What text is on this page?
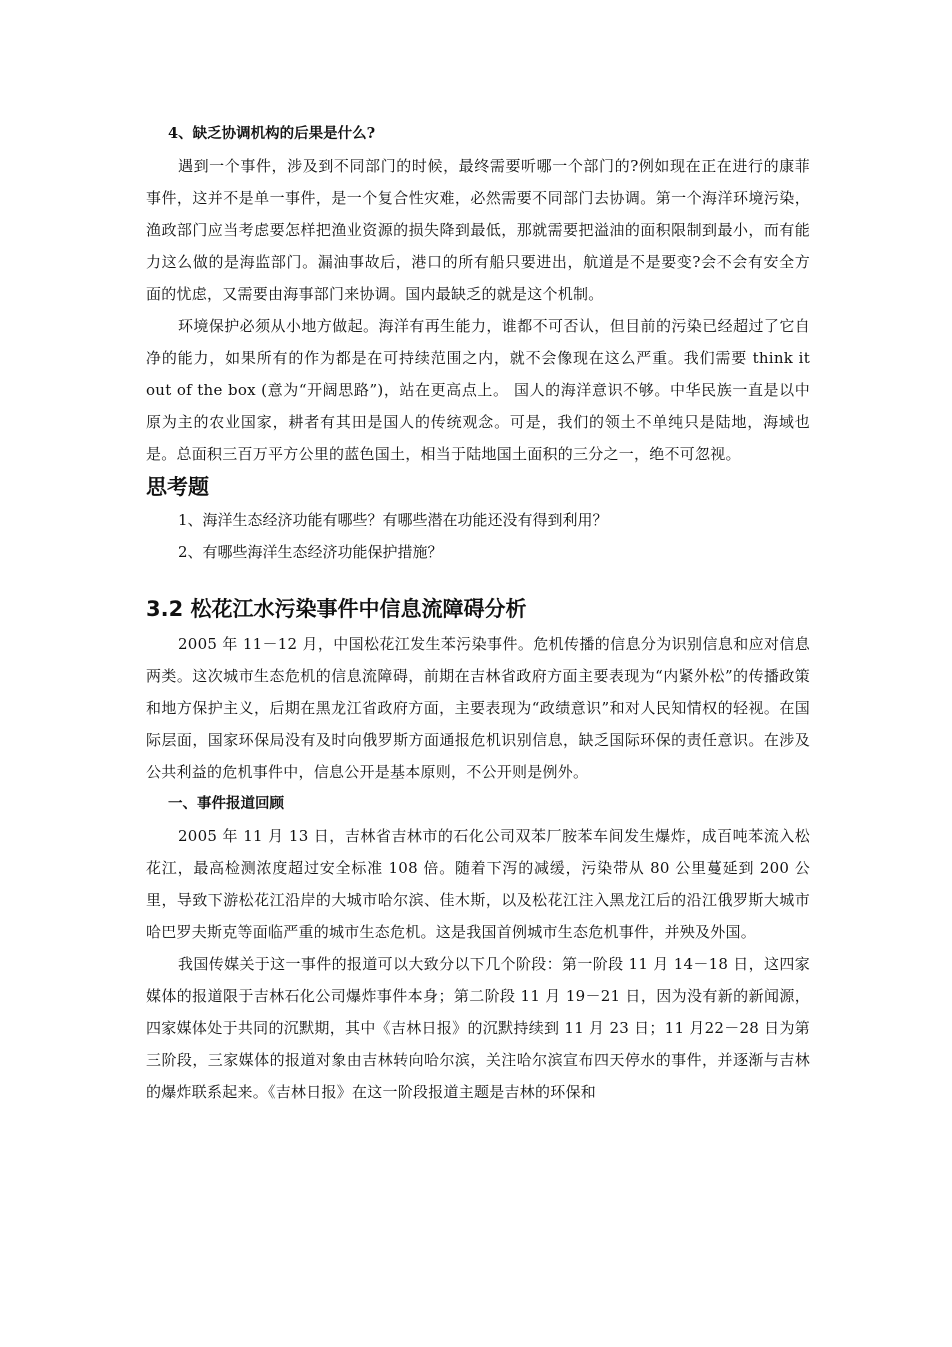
4、缺乏协调机构的后果是什么?

遇到一个事件，涉及到不同部门的时候，最终需要听哪一个部门的?例如现在正在进行的康菲事件，这并不是单一事件，是一个复合性灾难，必然需要不同部门去协调。第一个海洋环境污染，渔政部门应当考虑要怎样把渔业资源的损失降到最低，那就需要把溢油的面积限制到最小，而有能力这么做的是海监部门。漏油事故后，港口的所有船只要进出，航道是不是要变?会不会有安全方面的忧虑，又需要由海事部门来协调。国内最缺乏的就是这个机制。

环境保护必须从小地方做起。海洋有再生能力，谁都不可否认，但目前的污染已经超过了它自净的能力，如果所有的作为都是在可持续范围之内，就不会像现在这么严重。我们需要 think it out of the box (意为“开阔思路”)，站在更高点上。 国人的海洋意识不够。中华民族一直是以中原为主的农业国家，耕者有其田是国人的传统观念。可是，我们的领土不单纯只是陆地，海域也是。总面积三百万平方公里的蓝色国土，相当于陆地国土面积的三分之一，绝不可忽视。

思考题

1、海洋生态经济功能有哪些？有哪些潜在功能还没有得到利用？

2、有哪些海洋生态经济功能保护措施？

3.2 松花江水污染事件中信息流障碍分析

2005 年 11－12 月，中国松花江发生苯污染事件。危机传播的信息分为识别信息和应对信息两类。这次城市生态危机的信息流障碍，前期在吉林省政府方面主要表现为“内紧外松”的传播政策和地方保护主义，后期在黑龙江省政府方面，主要表现为“政绩意识”和对人民知情权的轻视。在国际层面，国家环保局没有及时向俄罗斯方面通报危机识别信息，缺乏国际环保的责任意识。在涉及公共利益的危机事件中，信息公开是基本原则，不公开则是例外。

一、事件报道回顾

2005 年 11 月 13 日，吉林省吉林市的石化公司双苯厂胺苯车间发生爆炸，成百吨苯流入松花江，最高检测浓度超过安全标准 108 倍。随着下泻的减缓，污染带从 80 公里蔓延到 200 公里，导致下游松花江沿岸的大城市哈尔滨、佳木斯，以及松花江注入黑龙江后的沿江俄罗斯大城市哈巴罗夫斯克等面临严重的城市生态危机。这是我国首例城市生态危机事件，并殃及外国。

我国传媒关于这一事件的报道可以大致分以下几个阶段：第一阶段 11 月 14－18 日，这四家媒体的报道限于吉林石化公司爆炸事件本身；第二阶段 11 月 19－21 日，因为没有新的新闻源，四家媒体处于共同的沉默期，其中《吉林日报》的沉默持续到 11 月 23 日；11 月22－28 日为第三阶段，三家媒体的报道对象由吉林转向哈尔滨，关注哈尔滨宣布四天停水的事件，并逐渐与吉林的爆炸联系起来。《吉林日报》在这一阶段报道主题是吉林的环保和
